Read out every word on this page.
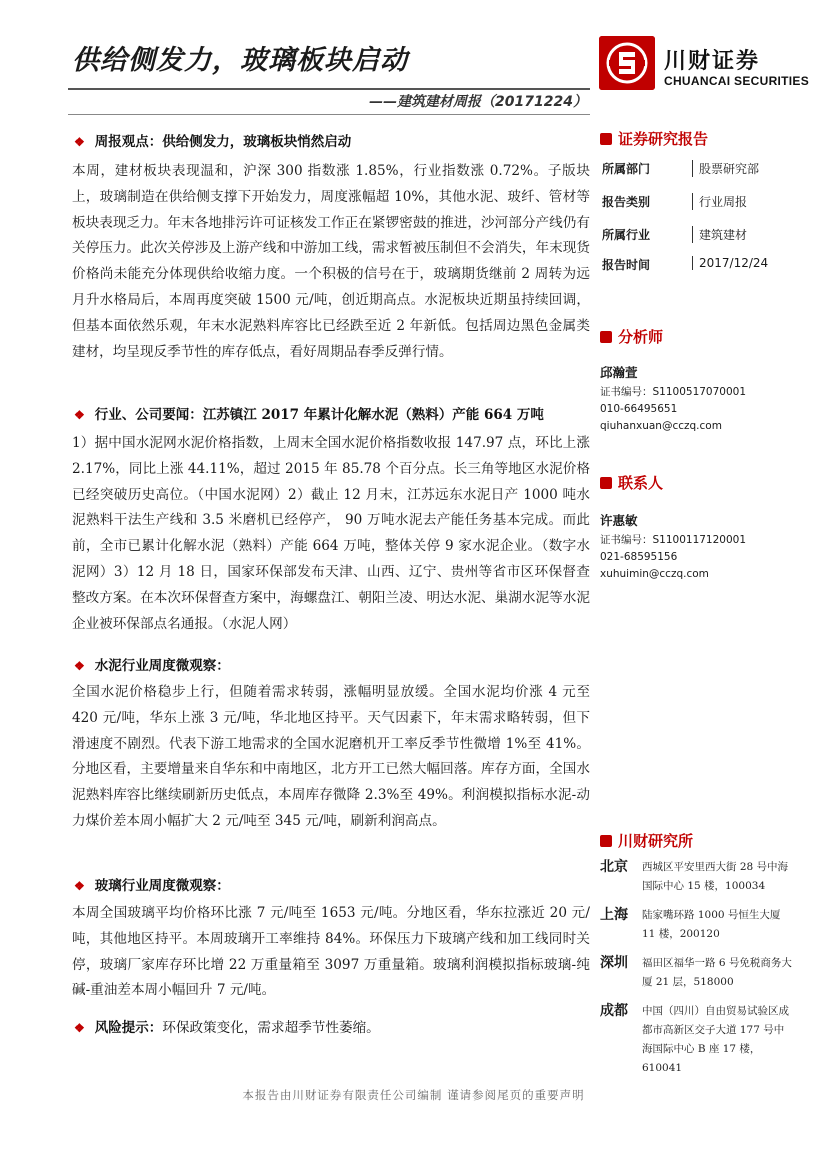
供给侧发力，玻璃板块启动
——建筑建材周报（20171224）
川财证券
CHUANCAI SECURITIES
❖ 周报观点：供给侧发力，玻璃板块悄然启动
本周，建材板块表现温和，沪深 300 指数涨 1.85%，行业指数涨 0.72%。子版块上，玻璃制造在供给侧支撑下开始发力，周度涨幅超 10%，其他水泥、玻纤、管材等板块表现乏力。年末各地排污许可证核发工作正在紧锣密鼓的推进，沙河部分产线仍有关停压力。此次关停涉及上游产线和中游加工线，需求暂被压制但不会消失，年末现货价格尚未能充分体现供给收缩力度。一个积极的信号在于，玻璃期货继前 2 周转为远月升水格局后，本周再度突破 1500 元/吨，创近期高点。水泥板块近期虽持续回调，但基本面依然乐观，年末水泥熟料库容比已经跌至近 2 年新低。包括周边黑色金属类建材，均呈现反季节性的库存低点，看好周期品春季反弹行情。
❖ 行业、公司要闻：江苏镇江 2017 年累计化解水泥（熟料）产能 664 万吨
1）据中国水泥网水泥价格指数，上周末全国水泥价格指数收报 147.97 点，环比上涨 2.17%，同比上涨 44.11%，超过 2015 年 85.78 个百分点。长三角等地区水泥价格已经突破历史高位。（中国水泥网）2）截止 12 月末，江苏远东水泥日产 1000 吨水泥熟料干法生产线和 3.5 米磨机已经停产， 90 万吨水泥去产能任务基本完成。而此前，全市已累计化解水泥（熟料）产能 664 万吨，整体关停 9 家水泥企业。（数字水泥网）3）12 月 18 日，国家环保部发布天津、山西、辽宁、贵州等省市区环保督查整改方案。在本次环保督查方案中，海螺盘江、朝阳兰凌、明达水泥、巢湖水泥等水泥企业被环保部点名通报。（水泥人网）
❖ 水泥行业周度微观察：
全国水泥价格稳步上行，但随着需求转弱，涨幅明显放缓。全国水泥均价涨 4 元至 420 元/吨，华东上涨 3 元/吨，华北地区持平。天气因素下，年末需求略转弱，但下滑速度不剧烈。代表下游工地需求的全国水泥磨机开工率反季节性微增 1%至 41%。分地区看，主要增量来自华东和中南地区，北方开工已然大幅回落。库存方面，全国水泥熟料库容比继续刷新历史低点，本周库存微降 2.3%至 49%。利润模拟指标水泥-动力煤价差本周小幅扩大 2 元/吨至 345 元/吨，刷新利润高点。
❖ 玻璃行业周度微观察：
本周全国玻璃平均价格环比涨 7 元/吨至 1653 元/吨。分地区看，华东拉涨近 20 元/吨，其他地区持平。本周玻璃开工率维持 84%。环保压力下玻璃产线和加工线同时关停，玻璃厂家库存环比增 22 万重量箱至 3097 万重量箱。玻璃利润模拟指标玻璃-纯碱-重油差本周小幅回升 7 元/吨。
❖ 风险提示：环保政策变化，需求超季节性萎缩。
证券研究报告
所属部门	股票研究部
报告类别	行业周报
所属行业	建筑建材
报告时间	2017/12/24
分析师
邱瀚萱
证书编号：S1100517070001
010-66495651
qiuhanxuan@cczq.com
联系人
许惠敏
证书编号：S1100117120001
021-68595156
xuhuimin@cczq.com
川财研究所
北京 西城区平安里西大街 28 号中海国际中心 15 楼，100034
上海 陆家嘴环路 1000 号恒生大厦 11 楼，200120
深圳 福田区福华一路 6 号免税商务大厦 21 层，518000
成都 中国（四川）自由贸易试验区成都市高新区交子大道 177 号中海国际中心 B 座 17 楼，610041
本报告由川财证券有限责任公司编制 谨请参阅尾页的重要声明
